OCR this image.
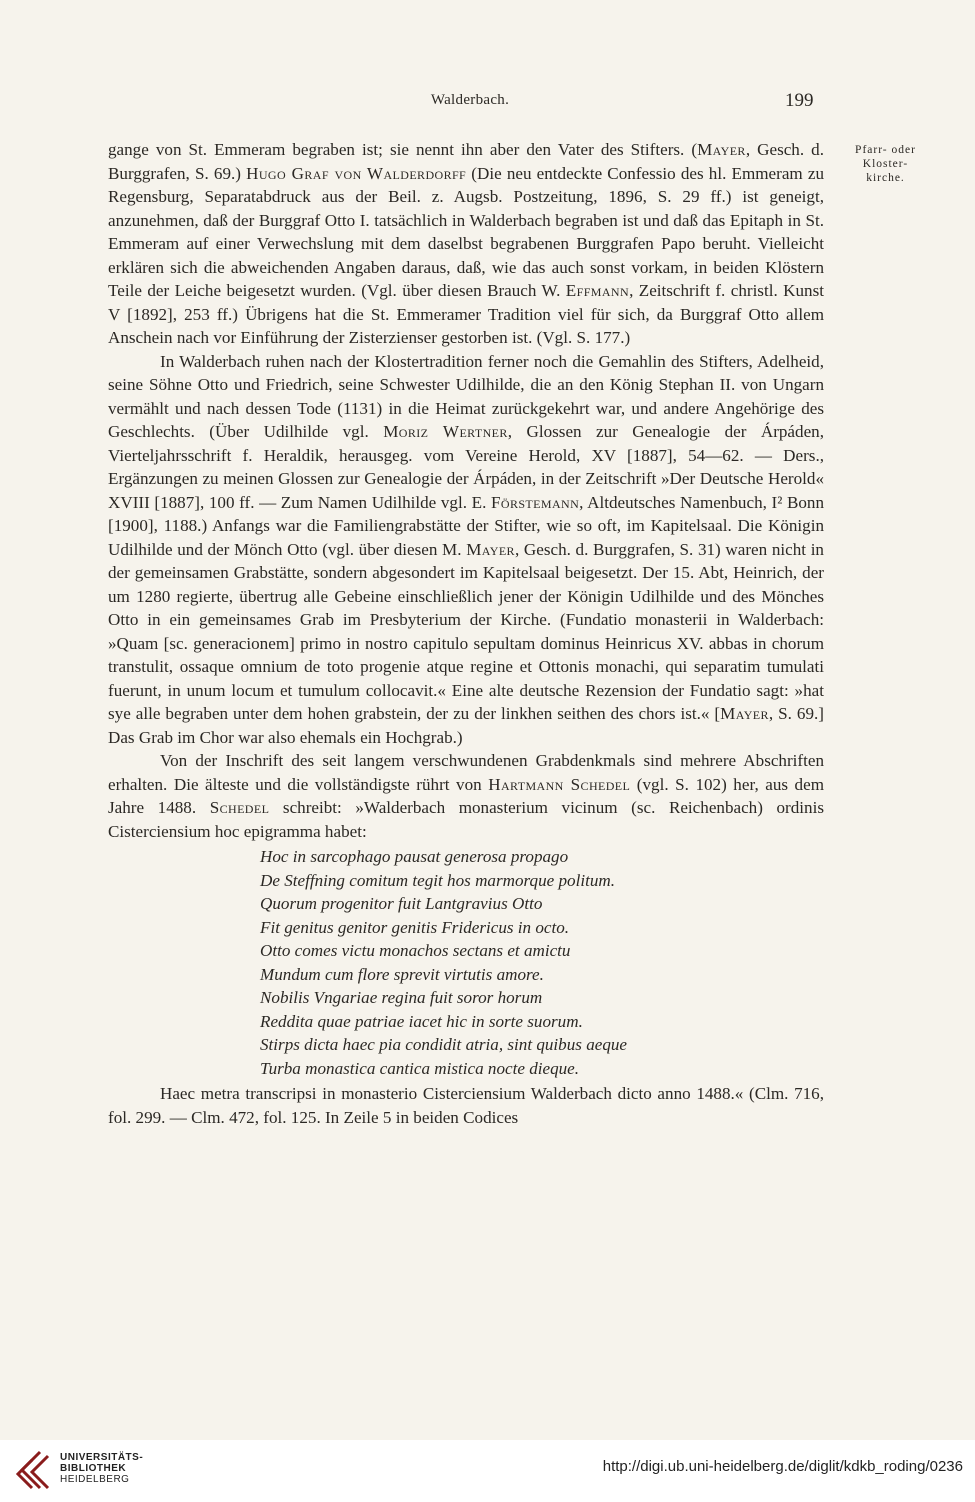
Walderbach.	199
Pfarr- oder
Kloster-
kirche.

gange von St. Emmeram begraben ist; sie nennt ihn aber den Vater des Stifters. (Mayer, Gesch. d. Burggrafen, S. 69.) Hugo Graf von Walderdorff (Die neu entdeckte Confessio des hl. Emmeram zu Regensburg, Separatabdruck aus der Beil. z. Augsb. Postzeitung, 1896, S. 29 ff.) ist geneigt, anzunehmen, daß der Burggraf Otto I. tatsächlich in Walderbach begraben ist und daß das Epitaph in St. Emmeram auf einer Verwechslung mit dem daselbst begrabenen Burggrafen Papo beruht. Vielleicht erklären sich die abweichenden Angaben daraus, daß, wie das auch sonst vorkam, in beiden Klöstern Teile der Leiche beigesetzt wurden. (Vgl. über diesen Brauch W. Effmann, Zeitschrift f. christl. Kunst V [1892], 253 ff.) Übrigens hat die St. Emmeramer Tradition viel für sich, da Burggraf Otto allem Anschein nach vor Einführung der Zisterzienser gestorben ist. (Vgl. S. 177.)

In Walderbach ruhen nach der Klostertradition ferner noch die Gemahlin des Stifters, Adelheid, seine Söhne Otto und Friedrich, seine Schwester Udilhilde, die an den König Stephan II. von Ungarn vermählt und nach dessen Tode (1131) in die Heimat zurückgekehrt war, und andere Angehörige des Geschlechts. (Über Udilhilde vgl. Moriz Wertner, Glossen zur Genealogie der Árpáden, Vierteljahrsschrift f. Heraldik, herausgeg. vom Vereine Herold, XV [1887], 54—62. — Ders., Ergänzungen zu meinen Glossen zur Genealogie der Árpáden, in der Zeitschrift »Der Deutsche Herold« XVIII [1887], 100 ff. — Zum Namen Udilhilde vgl. E. Förstemann, Altdeutsches Namenbuch, I² Bonn [1900], 1188.) Anfangs war die Familiengrabstätte der Stifter, wie so oft, im Kapitelsaal. Die Königin Udilhilde und der Mönch Otto (vgl. über diesen M. Mayer, Gesch. d. Burggrafen, S. 31) waren nicht in der gemeinsamen Grabstätte, sondern abgesondert im Kapitelsaal beigesetzt. Der 15. Abt, Heinrich, der um 1280 regierte, übertrug alle Gebeine einschließlich jener der Königin Udilhilde und des Mönches Otto in ein gemeinsames Grab im Presbyterium der Kirche. (Fundatio monasterii in Walderbach: »Quam [sc. generacionem] primo in nostro capitulo sepultam dominus Heinricus XV. abbas in chorum transtulit, ossaque omnium de toto progenie atque regine et Ottonis monachi, qui separatim tumulati fuerunt, in unum locum et tumulum collocavit.« Eine alte deutsche Rezension der Fundatio sagt: »hat sye alle begraben unter dem hohen grabstein, der zu der linkhen seithen des chors ist.« [Mayer, S. 69.] Das Grab im Chor war also ehemals ein Hochgrab.)

Von der Inschrift des seit langem verschwundenen Grabdenkmals sind mehrere Abschriften erhalten. Die älteste und die vollständigste rührt von Hartmann Schedel (vgl. S. 102) her, aus dem Jahre 1488. Schedel schreibt: »Walderbach monasterium vicinum (sc. Reichenbach) ordinis Cisterciensium hoc epigramma habet:

Hoc in sarcophago pausat generosa propago
De Steffning comitum tegit hos marmorque politum.
Quorum progenitor fuit Lantgravius Otto
Fit genitus genitor genitis Fridericus in octo.
Otto comes victu monachos sectans et amictu
Mundum cum flore sprevit virtutis amore.
Nobilis Vngariae regina fuit soror horum
Reddita quae patriae iacet hic in sorte suorum.
Stirps dicta haec pia condidit atria, sint quibus aeque
Turba monastica cantica mistica nocte dieque.

Haec metra transcripsi in monasterio Cisterciensium Walderbach dicto anno 1488.« (Clm. 716, fol. 299. — Clm. 472, fol. 125. In Zeile 5 in beiden Codices

UNIVERSITÄTS-
BIBLIOTHEK
HEIDELBERG
http://digi.ub.uni-heidelberg.de/diglit/kdkb_roding/0236
